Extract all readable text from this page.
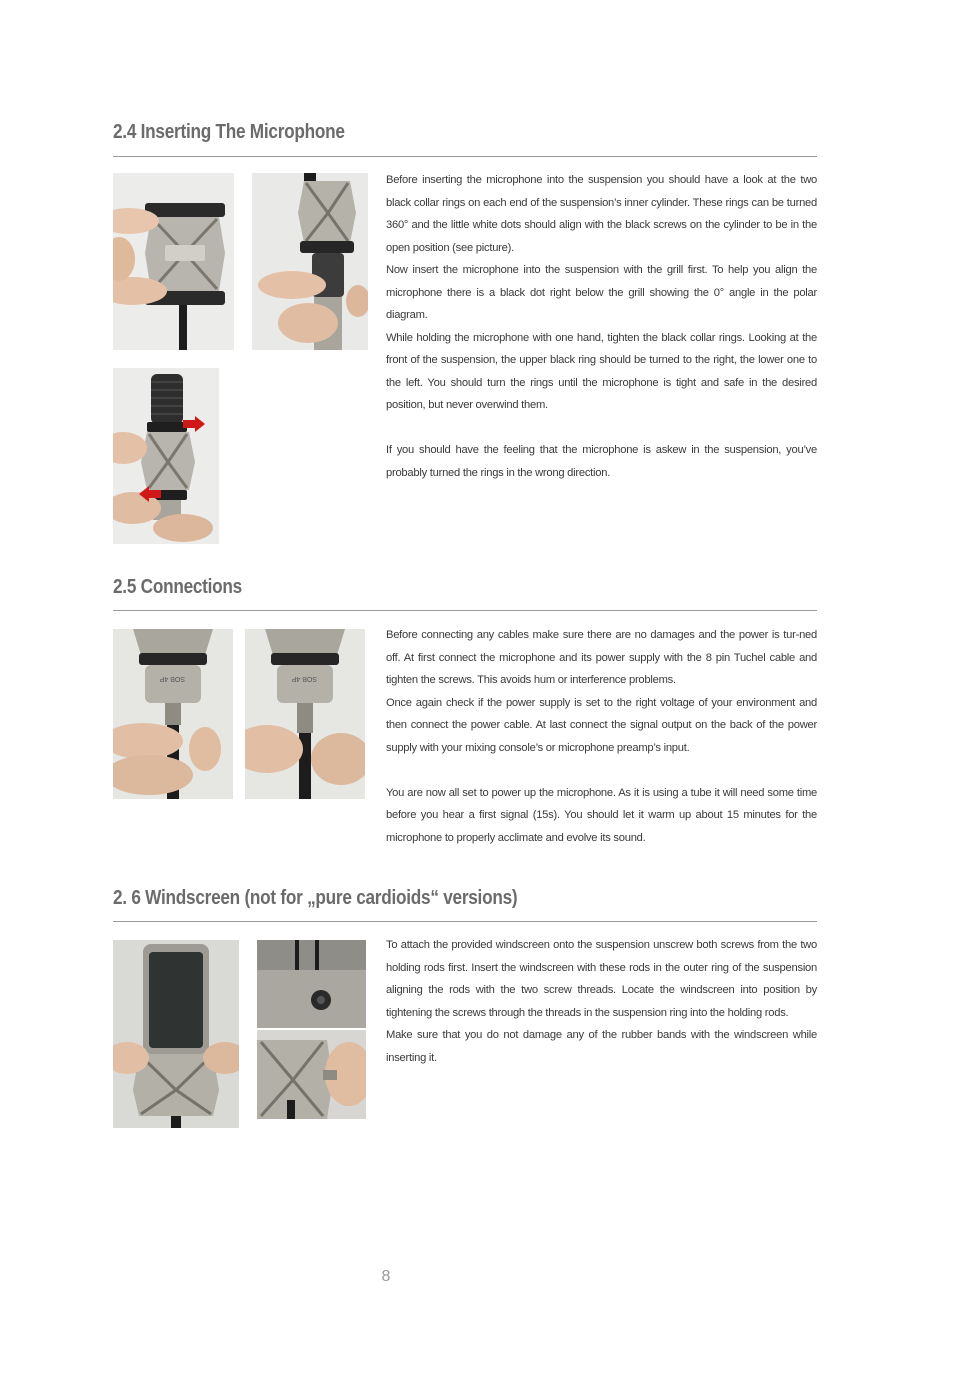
2.4 Inserting The Microphone

Before inserting the microphone into the suspension you should have a look at the two black collar rings on each end of the suspension’s inner cylinder. These rings can be turned 360° and the little white dots should align with the black screws on the cylinder to be in the open position (see picture).

Now insert the microphone into the suspension with the grill first. To help you align the microphone there is a black dot right below the grill showing the 0° angle in the polar diagram.

While holding the microphone with one hand, tighten the black collar rings. Looking at the front of the suspension, the upper black ring should be turned to the right, the lower one to the left. You should turn the rings until the microphone is tight and safe in the desired position, but never overwind them.

If you should have the feeling that the microphone is askew in the suspension, you’ve probably turned the rings in the wrong direction.

2.5 Connections
SOB 4P	SOB 4P

Before connecting any cables make sure there are no damages and the power is tur-ned off. At first connect the microphone and its power supply with the 8 pin Tuchel cable and tighten the screws. This avoids hum or interference problems.

Once again check if the power supply is set to the right voltage of your environment and then connect the power cable. At last connect the signal output on the back of the power supply with your mixing console’s or microphone preamp’s input.

You are now all set to power up the microphone. As it is using a tube it will need some time before you hear a first signal (15s). You should let it warm up about 15 minutes for the microphone to properly acclimate and evolve its sound.

2. 6 Windscreen (not for „pure cardioids“ versions)

To attach the provided windscreen onto the suspension unscrew both screws from the two holding rods first. Insert the windscreen with these rods in the outer ring of the suspension aligning the rods with the two screw threads. Locate the windscreen into position by tightening the screws through the threads in the suspension ring into the holding rods.

Make sure that you do not damage any of the rubber bands with the windscreen while inserting it.

8
